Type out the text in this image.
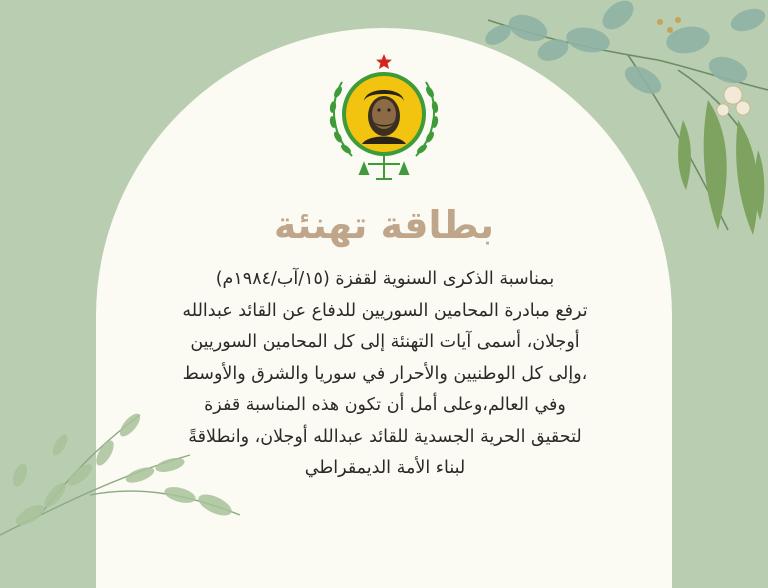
بطاقة تهنئة
بمناسبة الذكرى السنوية لقفزة (١٥/آب/١٩٨٤م)
ترفع مبادرة المحامين السوريين للدفاع عن القائد عبدالله
أوجلان، أسمى آيات التهنئة إلى كل المحامين السوريين
،وإلى كل الوطنيين والأحرار في سوريا والشرق والأوسط
وفي العالم،وعلى أمل أن تكون هذه المناسبة قفزة
لتحقيق الحرية الجسدية للقائد عبدالله أوجلان، وانطلاقةً
لبناء الأمة الديمقراطي
